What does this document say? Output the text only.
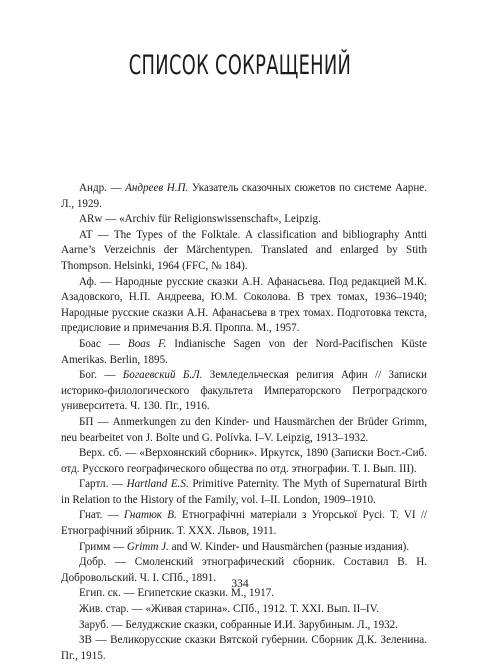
СПИСОК СОКРАЩЕНИЙ

Андр. — Андреев Н.П. Указатель сказочных сюжетов по системе Аарне. Л., 1929.

ARw — «Archiv für Religionswissenschaft», Leipzig.

AT — The Types of the Folktale. A classification and bibliography Antti Aarne’s Verzeichnis der Märchentypen. Translated and enlarged by Stith Thompson. Helsinki, 1964 (FFC, № 184).

Аф. — Народные русские сказки А.Н. Афанасьева. Под редакцией М.К. Азадовского, Н.П. Андреева, Ю.М. Соколова. В трех томах, 1936–1940; Народные русские сказки А.Н. Афанасьева в трех томах. Подготовка текста, предисловие и примечания В.Я. Проппа. М., 1957.

Боас — Boas F. Indianische Sagen von der Nord-Pacifischen Küste Amerikas. Berlin, 1895.

Бог. — Богаевский Б.Л. Земледельческая религия Афин // Записки историко-филологического факультета Императорского Петроградского университета. Ч. 130. Пг., 1916.

БП — Anmerkungen zu den Kinder- und Hausmärchen der Brüder Grimm, neu bearbeitet von J. Bolte und G. Polívka. I–V. Leipzig, 1913–1932.

Верх. сб. — «Верхоянский сборник». Иркутск, 1890 (Записки Вост.-Сиб. отд. Русского географического общества по отд. этнографии. Т. I. Вып. III).

Гартл. — Hartland E.S. Primitive Paternity. The Myth of Supernatural Birth in Relation to the History of the Family, vol. I–II. London, 1909–1910.

Гнат. — Гнатюк В. Етнографічні матеріали з Угорської Русі. Т. VI // Етнографічний збірник. Т. XXX. Львов, 1911.

Гримм — Grimm J. and W. Kinder- und Hausmärchen (разные издания).

Добр. — Смоленский этнографический сборник. Составил В. Н. Добровольский. Ч. I. СПб., 1891.

Егип. ск. — Египетские сказки. М., 1917.

Жив. стар. — «Живая старина». СПб., 1912. Т. XXI. Вып. II–IV.

Заруб. — Белуджские сказки, собранные И.И. Зарубиным. Л., 1932.

ЗВ — Великорусские сказки Вятской губернии. Сборник Д.К. Зеленина. Пг., 1915.

334
